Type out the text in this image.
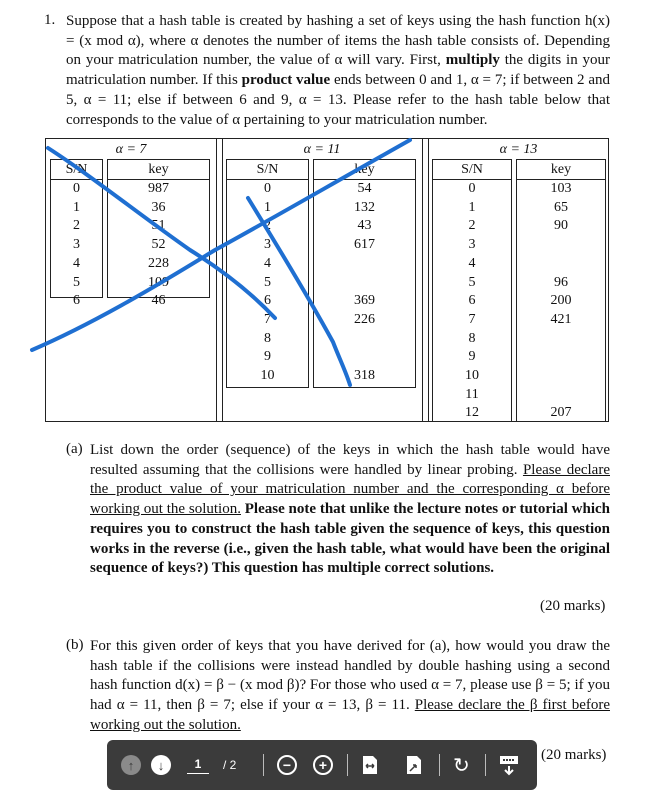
1. Suppose that a hash table is created by hashing a set of keys using the hash function h(x) = (x mod α), where α denotes the number of items the hash table consists of. Depending on your matriculation number, the value of α will vary. First, multiply the digits in your matriculation number. If this product value ends between 0 and 1, α = 7; if between 2 and 5, α = 11; else if between 6 and 9, α = 13. Please refer to the hash table below that corresponds to the value of α pertaining to your matriculation number.
α = 7
S/N	key
0	987
1	36
2	51
3	52
4	228
5	109
6	46
α = 11
S/N	key
0	54
1	132
2	43
3	617
4
5
6	369
7	226
8
9
10	318
α = 13
S/N	key
0	103
1	65
2	90
3
4
5	96
6	200
7	421
8
9
10
11
12	207
(a) List down the order (sequence) of the keys in which the hash table would have resulted assuming that the collisions were handled by linear probing. Please declare the product value of your matriculation number and the corresponding α before working out the solution. Please note that unlike the lecture notes or tutorial which requires you to construct the hash table given the sequence of keys, this question works in the reverse (i.e., given the hash table, what would have been the original sequence of keys?) This question has multiple correct solutions.
(20 marks)
(b) For this given order of keys that you have derived for (a), how would you draw the hash table if the collisions were instead handled by double hashing using a second hash function d(x) = β − (x mod β)? For those who used α = 7, please use β = 5; if you had α = 11, then β = 7; else if your α = 13, β = 11. Please declare the β first before working out the solution.
(20 marks)
↑	↓	1	/ 2	−	+	↻
